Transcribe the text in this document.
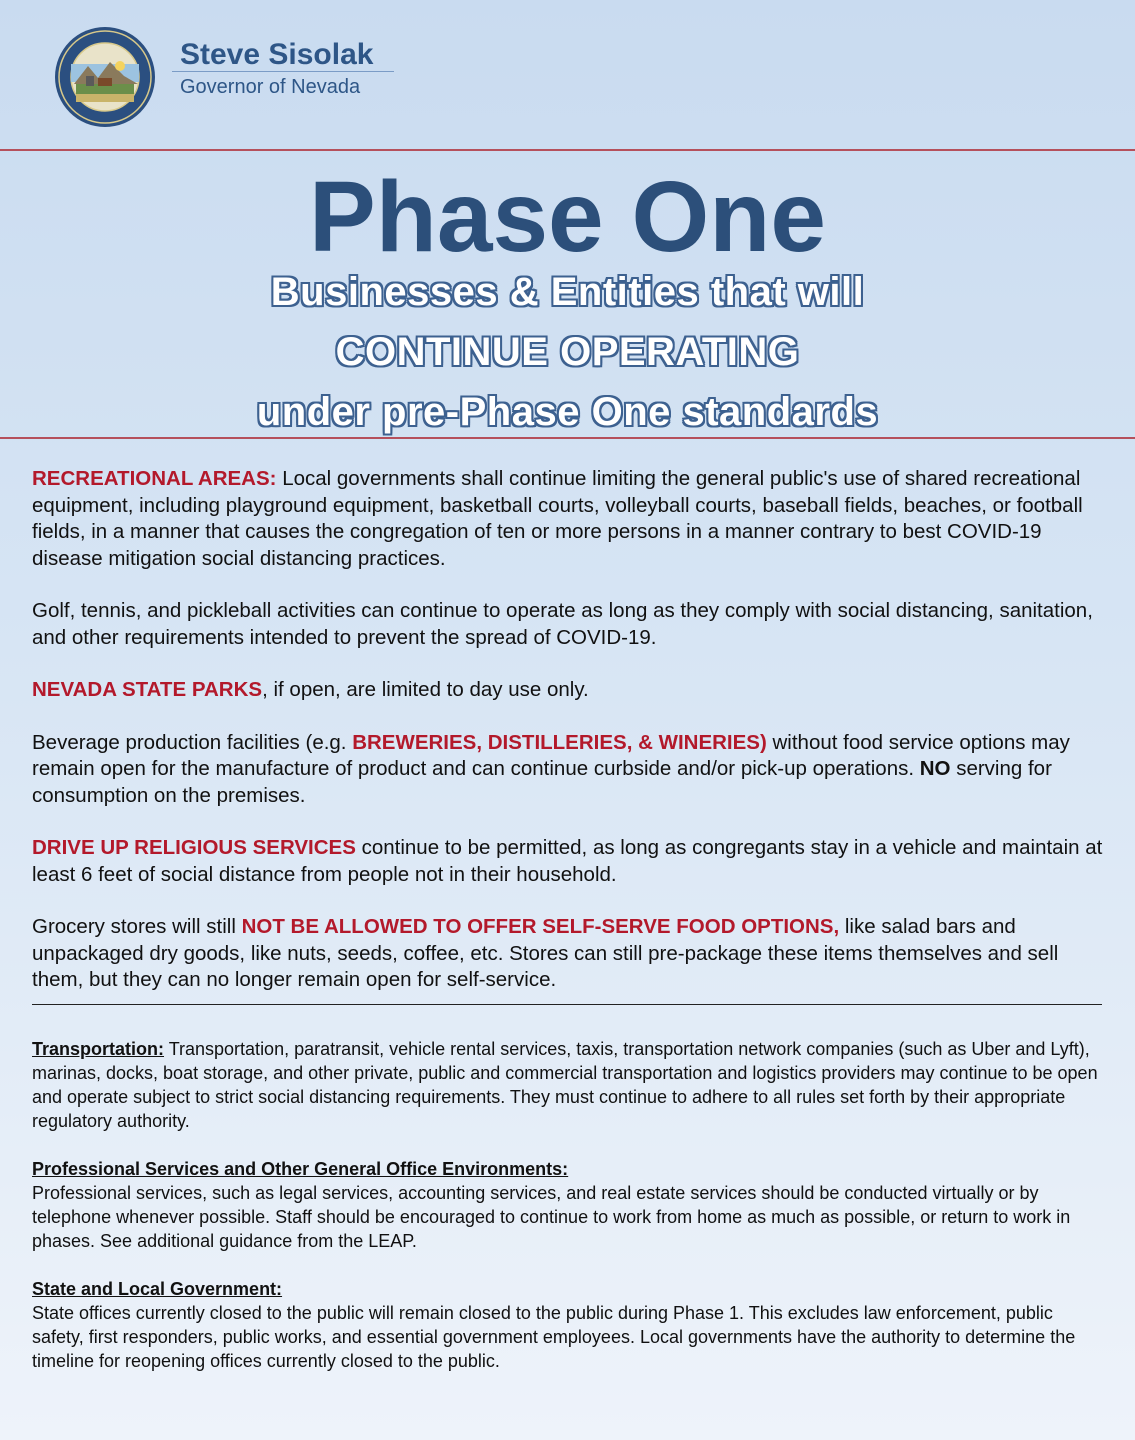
Steve Sisolak
Governor of Nevada
Phase One
Businesses & Entities that will
CONTINUE OPERATING
under pre-Phase One standards

RECREATIONAL AREAS: Local governments shall continue limiting the general public's use of shared recreational equipment, including playground equipment, basketball courts, volleyball courts, baseball fields, beaches, or football fields, in a manner that causes the congregation of ten or more persons in a manner contrary to best COVID-19 disease mitigation social distancing practices.

Golf, tennis, and pickleball activities can continue to operate as long as they comply with social distancing, sanitation, and other requirements intended to prevent the spread of COVID-19.

NEVADA STATE PARKS, if open, are limited to day use only.

Beverage production facilities (e.g. BREWERIES, DISTILLERIES, & WINERIES) without food service options may remain open for the manufacture of product and can continue curbside and/or pick-up operations. NO serving for consumption on the premises.

DRIVE UP RELIGIOUS SERVICES continue to be permitted, as long as congregants stay in a vehicle and maintain at least 6 feet of social distance from people not in their household.

Grocery stores will still NOT BE ALLOWED TO OFFER SELF-SERVE FOOD OPTIONS, like salad bars and unpackaged dry goods, like nuts, seeds, coffee, etc. Stores can still pre-package these items themselves and sell them, but they can no longer remain open for self-service.

Transportation: Transportation, paratransit, vehicle rental services, taxis, transportation network companies (such as Uber and Lyft), marinas, docks, boat storage, and other private, public and commercial transportation and logistics providers may continue to be open and operate subject to strict social distancing requirements. They must continue to adhere to all rules set forth by their appropriate regulatory authority.

Professional Services and Other General Office Environments:
Professional services, such as legal services, accounting services, and real estate services should be conducted virtually or by telephone whenever possible. Staff should be encouraged to continue to work from home as much as possible, or return to work in phases. See additional guidance from the LEAP.

State and Local Government:
State offices currently closed to the public will remain closed to the public during Phase 1. This excludes law enforcement, public safety, first responders, public works, and essential government employees. Local governments have the authority to determine the timeline for reopening offices currently closed to the public.
